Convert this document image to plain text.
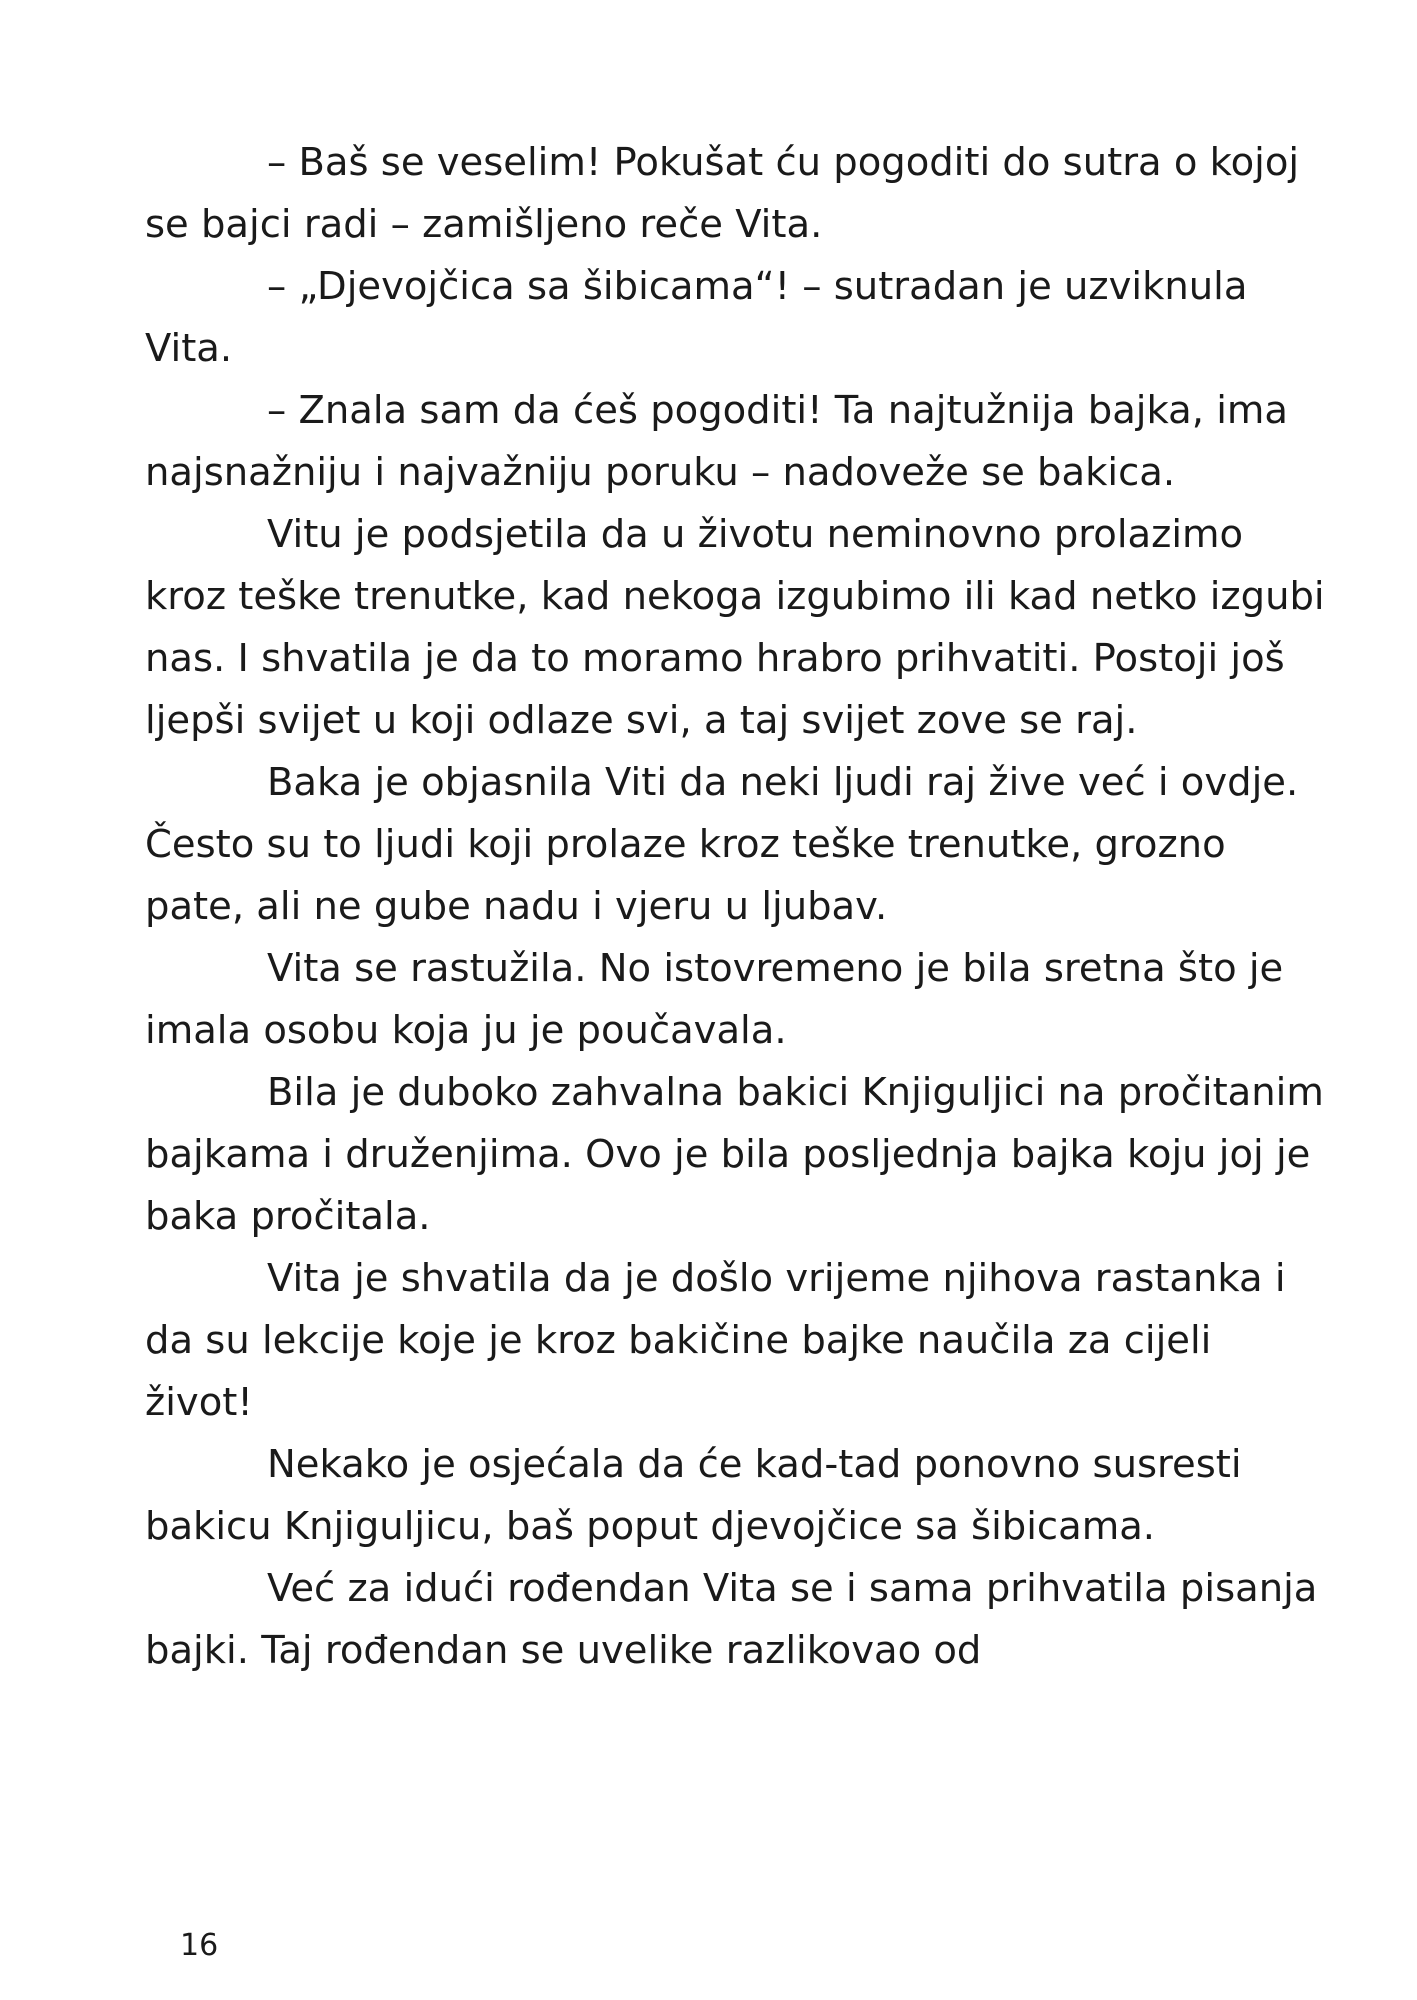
– Baš se veselim! Pokušat ću pogoditi do sutra o kojoj se bajci radi – zamišljeno reče Vita.

– „Djevojčica sa šibicama“! – sutradan je uzviknula Vita.

– Znala sam da ćeš pogoditi! Ta najtužnija bajka, ima najsnažniju i najvažniju poruku – nadoveže se bakica.

Vitu je podsjetila da u životu neminovno prolazimo kroz teške trenutke, kad nekoga izgubimo ili kad netko izgubi nas. I shvatila je da to moramo hrabro prihvatiti. Postoji još ljepši svijet u koji odlaze svi, a taj svijet zove se raj.

Baka je objasnila Viti da neki ljudi raj žive već i ovdje. Često su to ljudi koji prolaze kroz teške trenutke, grozno pate, ali ne gube nadu i vjeru u ljubav.

Vita se rastužila. No istovremeno je bila sretna što je imala osobu koja ju je poučavala.

Bila je duboko zahvalna bakici Knjiguljici na pročitanim bajkama i druženjima. Ovo je bila posljednja bajka koju joj je baka pročitala.

Vita je shvatila da je došlo vrijeme njihova rastanka i da su lekcije koje je kroz bakičine bajke naučila za cijeli život!

Nekako je osjećala da će kad-tad ponovno susresti bakicu Knjiguljicu, baš poput djevojčice sa šibicama.

Već za idući rođendan Vita se i sama prihvatila pisanja bajki. Taj rođendan se uvelike razlikovao od

16
